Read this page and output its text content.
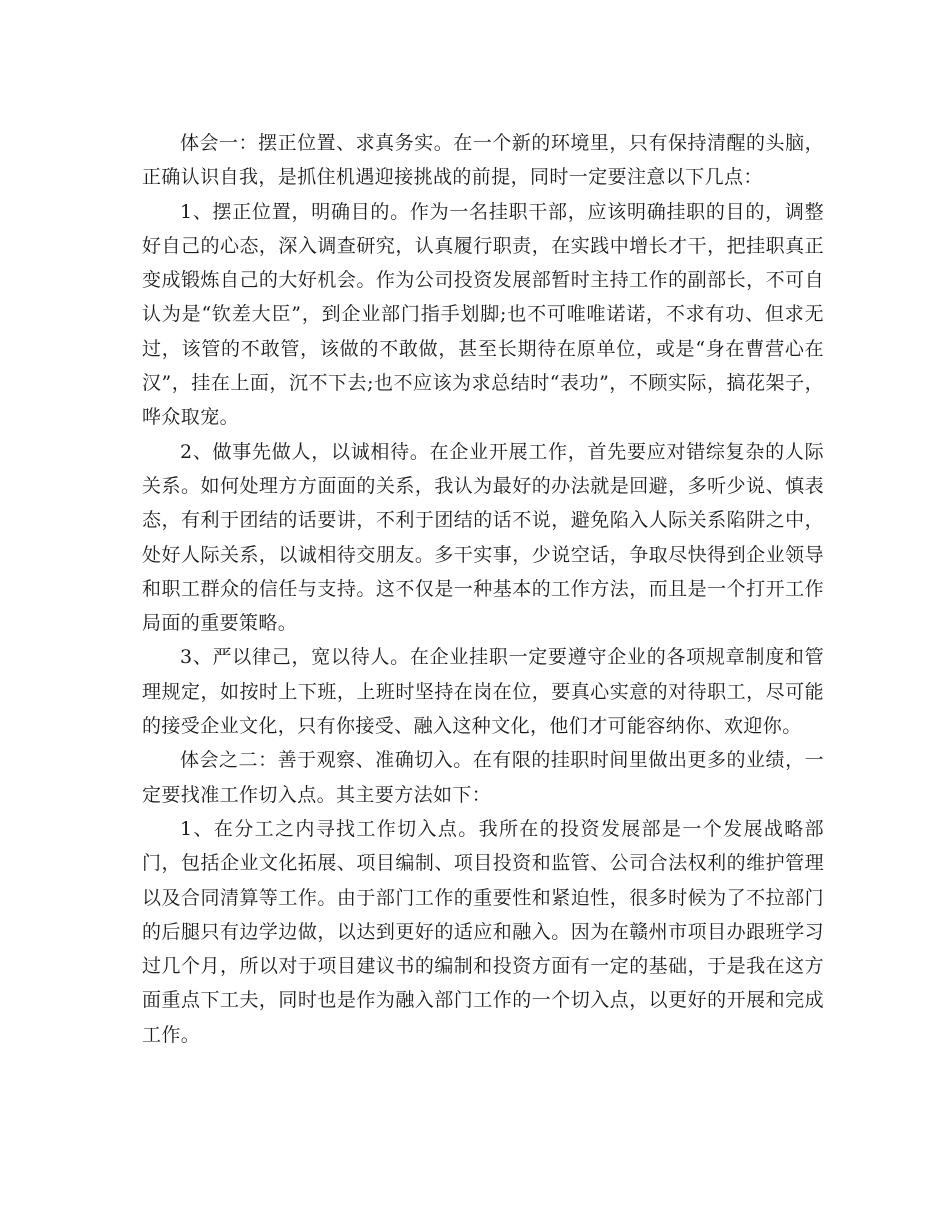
体会一：摆正位置、求真务实。在一个新的环境里，只有保持清醒的头脑，正确认识自我，是抓住机遇迎接挑战的前提，同时一定要注意以下几点：

1、摆正位置，明确目的。作为一名挂职干部，应该明确挂职的目的，调整好自己的心态，深入调查研究，认真履行职责，在实践中增长才干，把挂职真正变成锻炼自己的大好机会。作为公司投资发展部暂时主持工作的副部长，不可自认为是“钦差大臣”，到企业部门指手划脚;也不可唯唯诺诺，不求有功、但求无过，该管的不敢管，该做的不敢做，甚至长期待在原单位，或是“身在曹营心在汉”，挂在上面，沉不下去;也不应该为求总结时“表功”，不顾实际，搞花架子，哗众取宠。

2、做事先做人，以诚相待。在企业开展工作，首先要应对错综复杂的人际关系。如何处理方方面面的关系，我认为最好的办法就是回避，多听少说、慎表态，有利于团结的话要讲，不利于团结的话不说，避免陷入人际关系陷阱之中，处好人际关系，以诚相待交朋友。多干实事，少说空话，争取尽快得到企业领导和职工群众的信任与支持。这不仅是一种基本的工作方法，而且是一个打开工作局面的重要策略。

3、严以律己，宽以待人。在企业挂职一定要遵守企业的各项规章制度和管理规定，如按时上下班，上班时坚持在岗在位，要真心实意的对待职工，尽可能的接受企业文化，只有你接受、融入这种文化，他们才可能容纳你、欢迎你。

体会之二：善于观察、准确切入。在有限的挂职时间里做出更多的业绩，一定要找准工作切入点。其主要方法如下：

1、在分工之内寻找工作切入点。我所在的投资发展部是一个发展战略部门，包括企业文化拓展、项目编制、项目投资和监管、公司合法权利的维护管理以及合同清算等工作。由于部门工作的重要性和紧迫性，很多时候为了不拉部门的后腿只有边学边做，以达到更好的适应和融入。因为在赣州市项目办跟班学习过几个月，所以对于项目建议书的编制和投资方面有一定的基础，于是我在这方面重点下工夫，同时也是作为融入部门工作的一个切入点，以更好的开展和完成工作。
